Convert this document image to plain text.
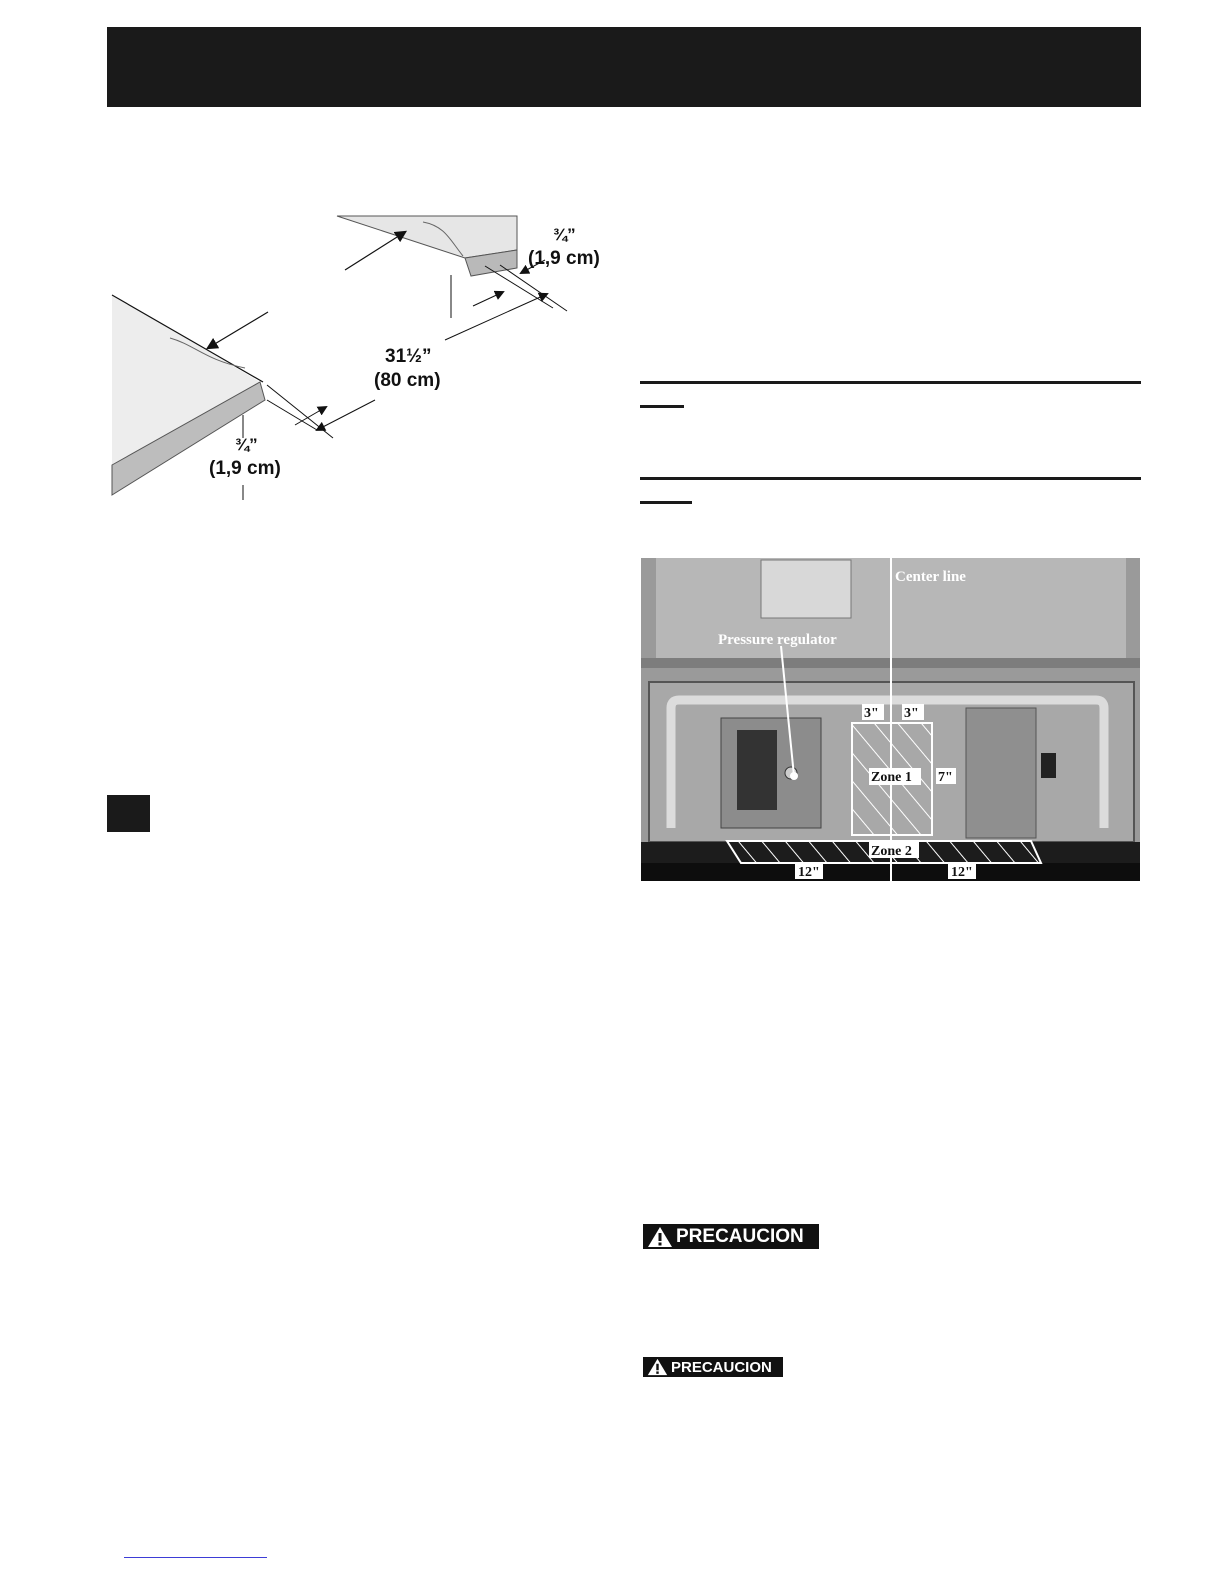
¾”
(1,9 cm)
31½”
(80 cm)
¾”
(1,9 cm)
Center line
Pressure regulator
3" 3"
Zone 1 7"
Zone 2
12"	12"
PRECAUCION
PRECAUCION
